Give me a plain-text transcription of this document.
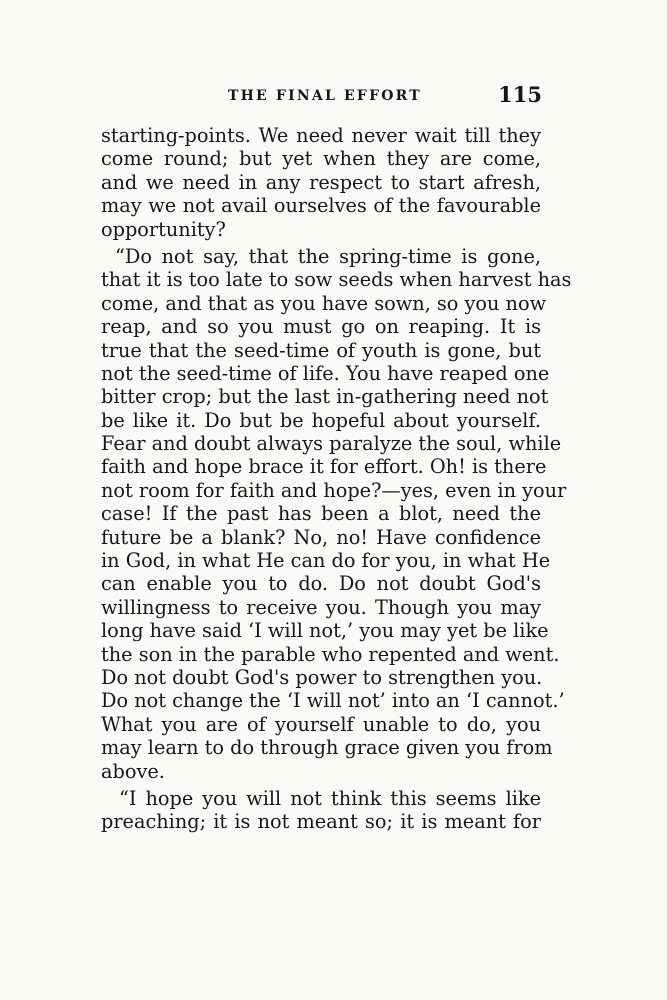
THE FINAL EFFORT	115
starting-points. We need never wait till they
come round; but yet when they are come,
and we need in any respect to start afresh,
may we not avail ourselves of the favourable
opportunity?
“Do not say, that the spring-time is gone,
that it is too late to sow seeds when harvest has
come, and that as you have sown, so you now
reap, and so you must go on reaping. It is
true that the seed-time of youth is gone, but
not the seed-time of life. You have reaped one
bitter crop; but the last in-gathering need not
be like it. Do but be hopeful about yourself.
Fear and doubt always paralyze the soul, while
faith and hope brace it for effort. Oh! is there
not room for faith and hope?—yes, even in your
case! If the past has been a blot, need the
future be a blank? No, no! Have confidence
in God, in what He can do for you, in what He
can enable you to do. Do not doubt God's
willingness to receive you. Though you may
long have said ‘I will not,’ you may yet be like
the son in the parable who repented and went.
Do not doubt God's power to strengthen you.
Do not change the ‘I will not’ into an ‘I cannot.’
What you are of yourself unable to do, you
may learn to do through grace given you from
above.
“I hope you will not think this seems like
preaching; it is not meant so; it is meant for
